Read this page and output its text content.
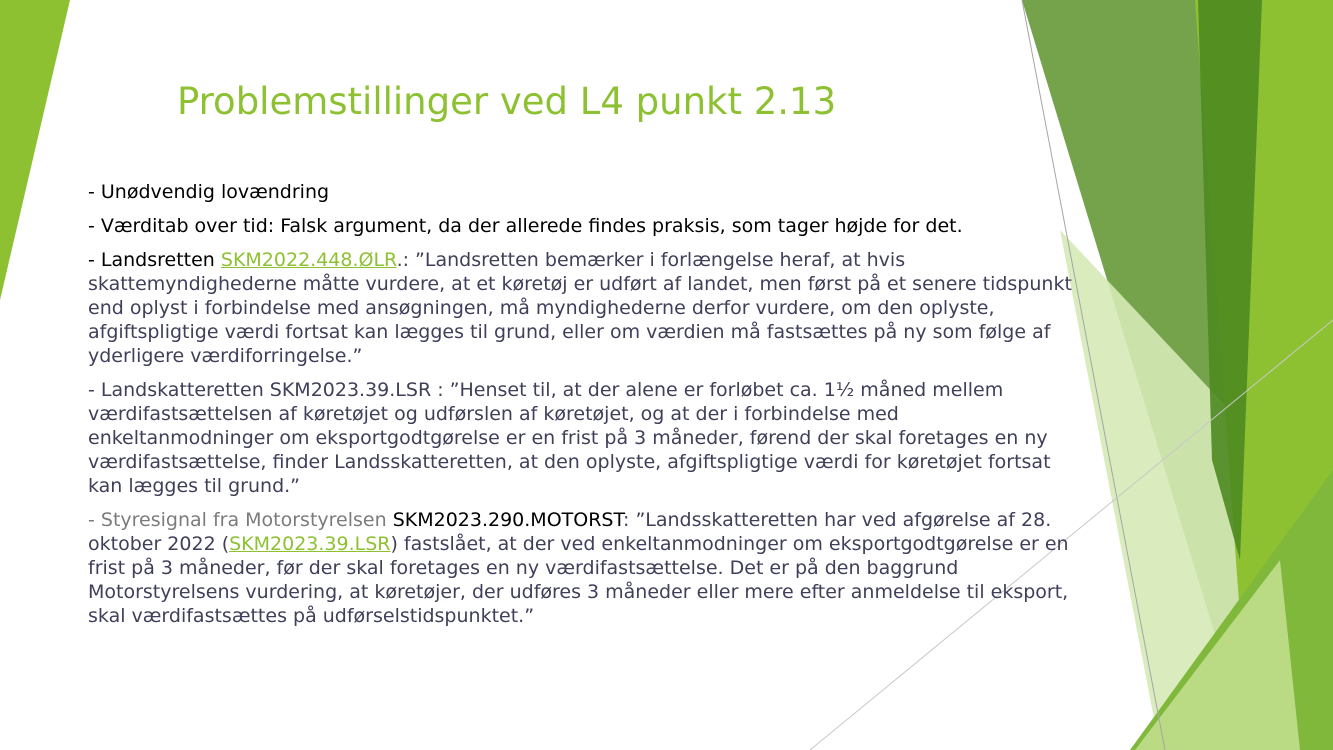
Problemstillinger ved L4 punkt 2.13

- Unødvendig lovændring

- Værditab over tid: Falsk argument, da der allerede findes praksis, som tager højde for det.

- Landsretten SKM2022.448.ØLR.: ”Landsretten bemærker i forlængelse heraf, at hvis skattemyndighederne måtte vurdere, at et køretøj er udført af landet, men først på et senere tidspunkt end oplyst i forbindelse med ansøgningen, må myndighederne derfor vurdere, om den oplyste, afgiftspligtige værdi fortsat kan lægges til grund, eller om værdien må fastsættes på ny som følge af yderligere værdiforringelse.”

- Landskatteretten SKM2023.39.LSR : ”Henset til, at der alene er forløbet ca. 1½ måned mellem værdifastsættelsen af køretøjet og udførslen af køretøjet, og at der i forbindelse med enkeltanmodninger om eksportgodtgørelse er en frist på 3 måneder, førend der skal foretages en ny værdifastsættelse, finder Landsskatteretten, at den oplyste, afgiftspligtige værdi for køretøjet fortsat kan lægges til grund.”

- Styresignal fra Motorstyrelsen SKM2023.290.MOTORST: ”Landsskatteretten har ved afgørelse af 28. oktober 2022 (SKM2023.39.LSR) fastslået, at der ved enkeltanmodninger om eksportgodtgørelse er en frist på 3 måneder, før der skal foretages en ny værdifastsættelse. Det er på den baggrund Motorstyrelsens vurdering, at køretøjer, der udføres 3 måneder eller mere efter anmeldelse til eksport, skal værdifastsættes på udførselstidspunktet.”
